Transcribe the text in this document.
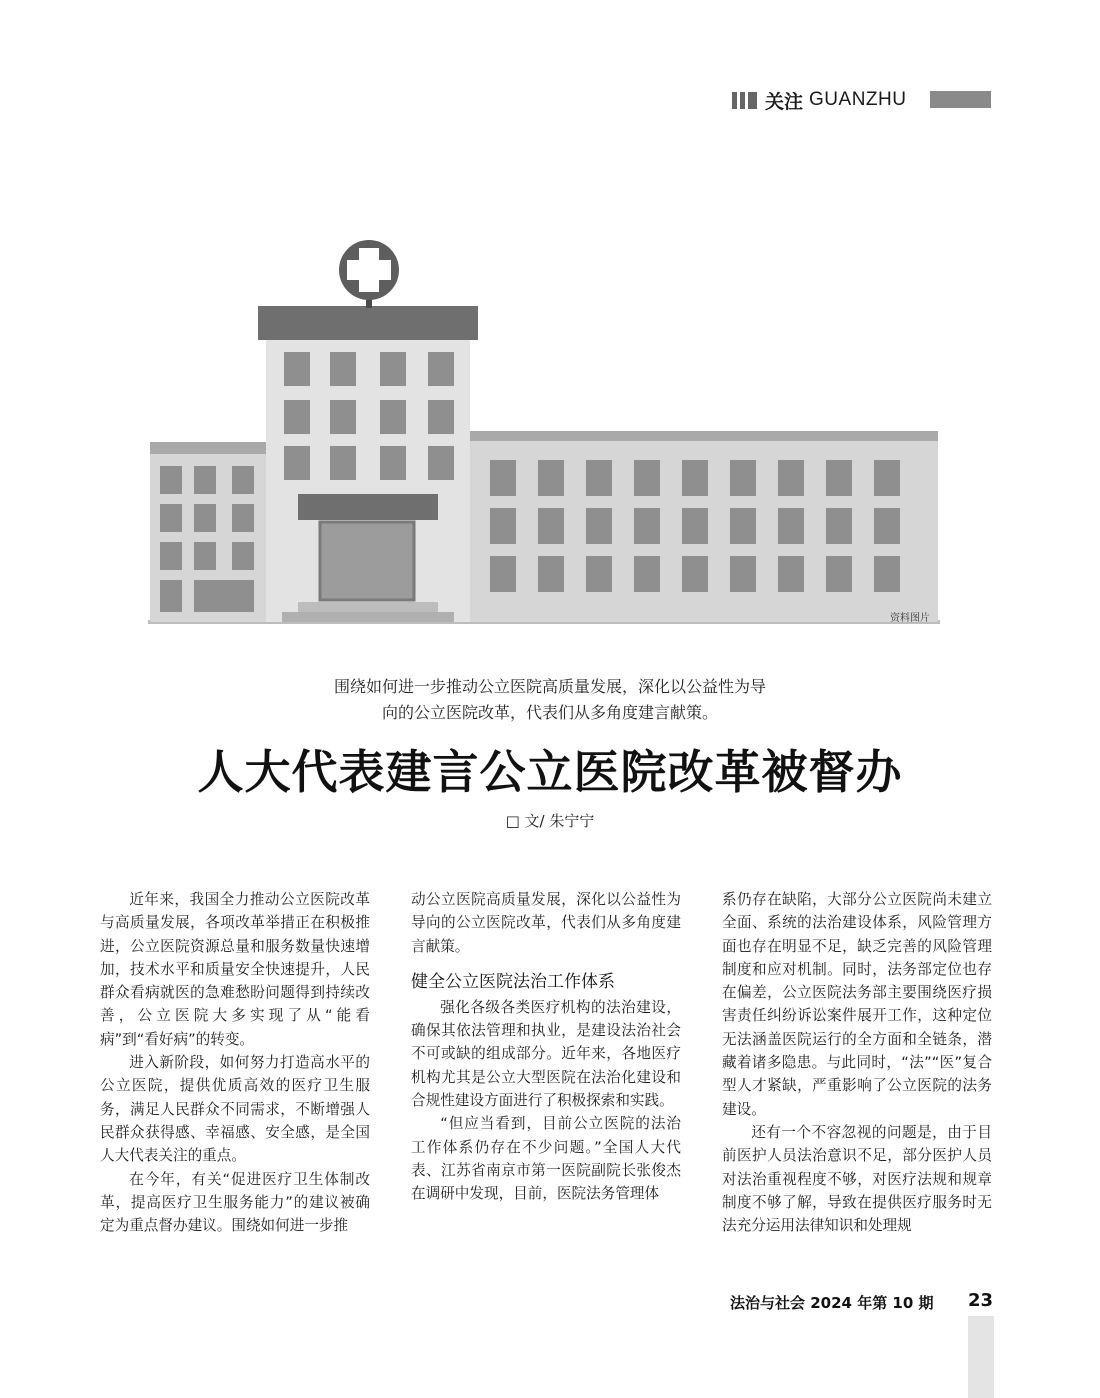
关注 GUANZHU
资料图片
围绕如何进一步推动公立医院高质量发展，深化以公益性为导
向的公立医院改革，代表们从多角度建言献策。
人大代表建言公立医院改革被督办
□ 文/ 朱宁宁

近年来，我国全力推动公立医院改革与高质量发展，各项改革举措正在积极推进，公立医院资源总量和服务数量快速增 加，技术水平和质量安全快速提升，人民群众看病就医的急难愁盼问题得到持续改善，公立医院大多实现了从“能看病”到“看好病”的转变。

进入新阶段，如何努力打造高水平的公立医院，提供优质高效的医疗卫生服务，满足人民群众不同需求，不断增强人民群众获得感、幸福感、安全感，是全国人大代表关注的重点。

在今年，有关“促进医疗卫生体制改革，提高医疗卫生服务能力”的建议被确定为重点督办建议。围绕如何进一步推

动公立医院高质量发展，深化以公益性为导向的公立医院改革，代表们从多角度建言献策。

健全公立医院法治工作体系

强化各级各类医疗机构的法治建设，确保其依法管理和执业，是建设法治社会不可或缺的组成部分。近年来，各地医疗机构尤其是公立大型医院在法治化建设和合规性建设方面进行了积极探索和实践。

“但应当看到，目前公立医院的法治工作体系仍存在不少问题。”全国人大代表、江苏省南京市第一医院副院长张俊杰在调研中发现，目前，医院法务管理体

系仍存在缺陷，大部分公立医院尚未建立全面、系统的法治建设体系，风险管理方面也存在明显不足，缺乏完善的风险管理制度和应对机制。同时，法务部定位也存在偏差，公立医院法务部主要围绕医疗损害责任纠纷诉讼案件展开工作，这种定位无法涵盖医院运行的全方面和全链条，潜藏着诸多隐患。与此同时，“法”“医”复合型人才紧缺，严重影响了公立医院的法务建设。

还有一个不容忽视的问题是，由于目前医护人员法治意识不足，部分医护人员对法治重视程度不够，对医疗法规和规章制度不够了解，导致在提供医疗服务时无法充分运用法律知识和处理规

法治与社会 2024 年第 10 期 23
